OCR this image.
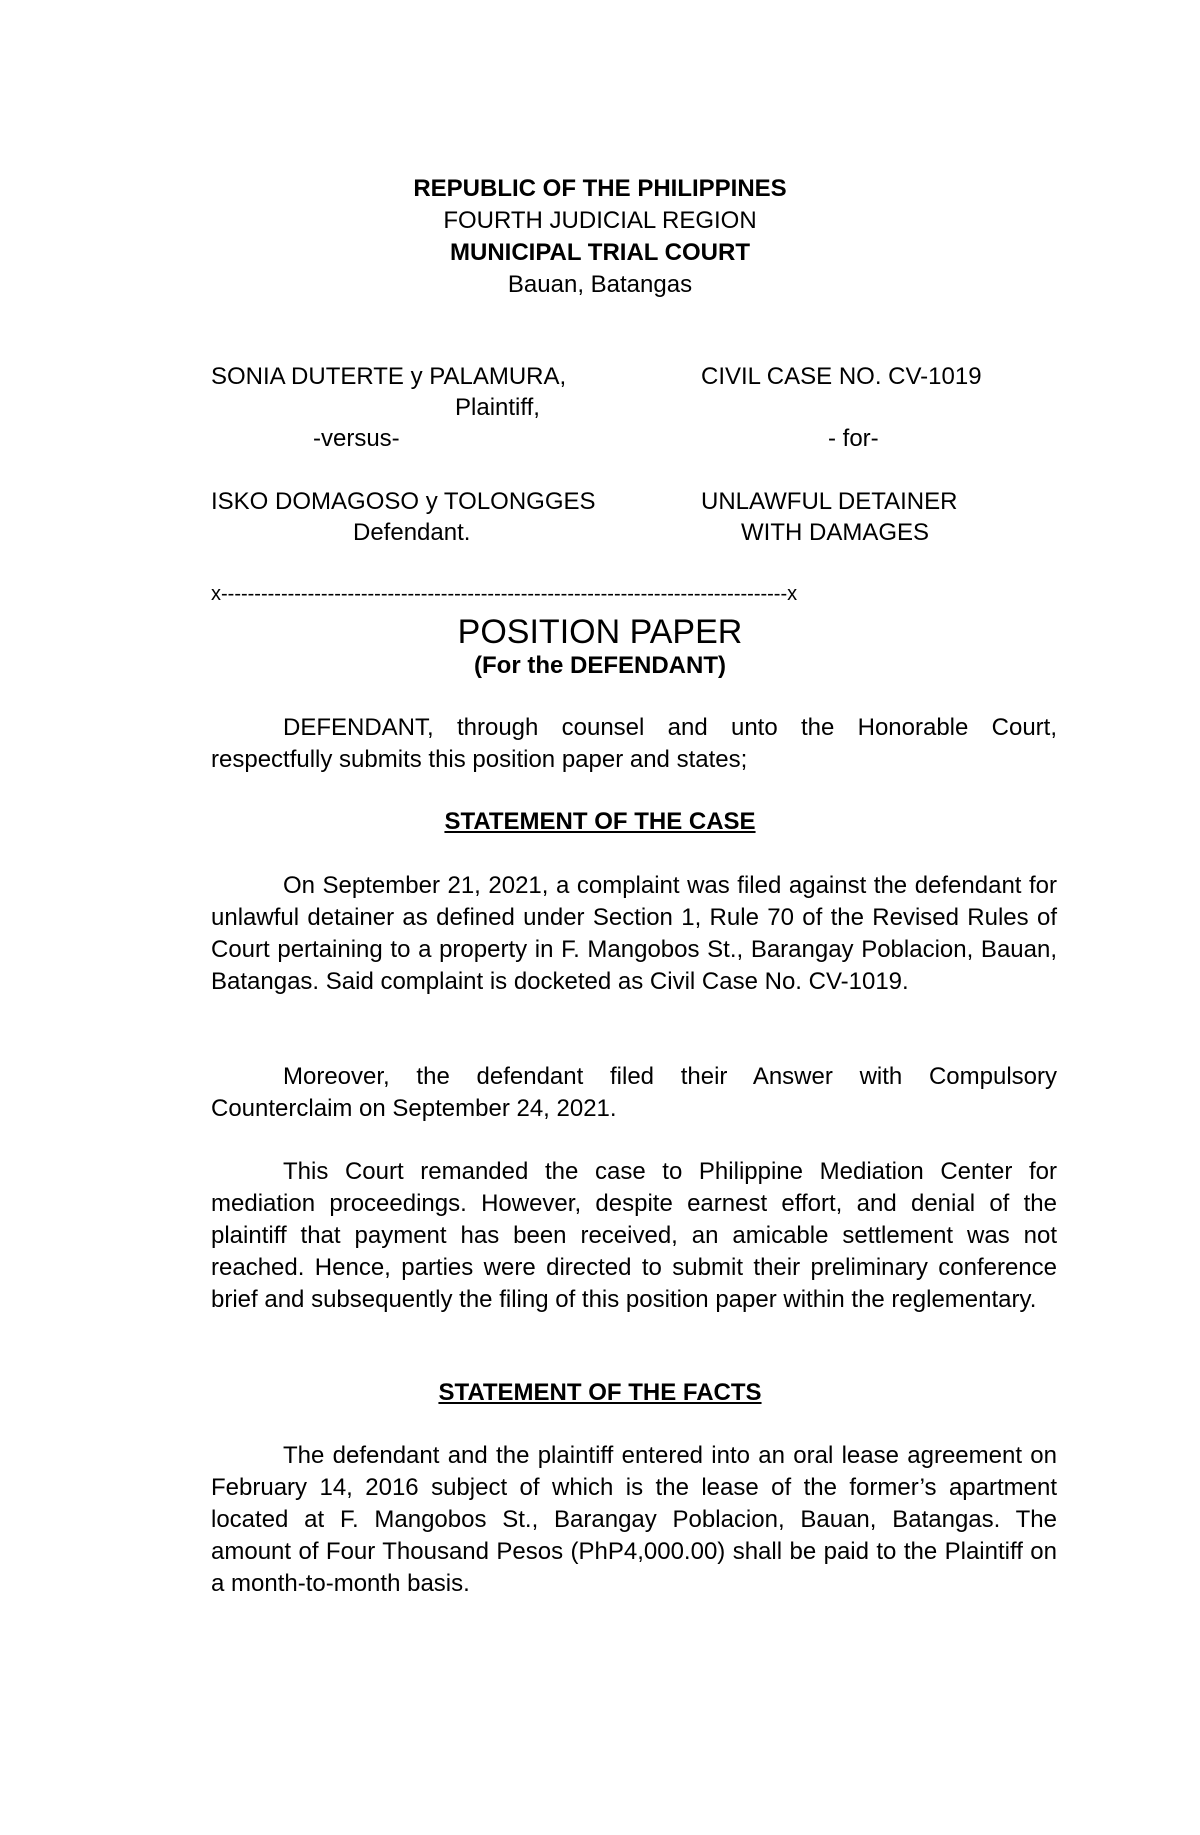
REPUBLIC OF THE PHILIPPINES
FOURTH JUDICIAL REGION
MUNICIPAL TRIAL COURT
Bauan, Batangas
SONIA DUTERTE y PALAMURA,
Plaintiff,
-versus-
ISKO DOMAGOSO y TOLONGGES
Defendant.
CIVIL CASE NO. CV-1019
- for-
UNLAWFUL DETAINER
WITH DAMAGES
x-------------------------------------------------------------------------------------x
POSITION PAPER
(For the DEFENDANT)

DEFENDANT, through counsel and unto the Honorable Court, respectfully submits this position paper and states;

STATEMENT OF THE CASE

On September 21, 2021, a complaint was filed against the defendant for unlawful detainer as defined under Section 1, Rule 70 of the Revised Rules of Court pertaining to a property in F. Mangobos St., Barangay Poblacion, Bauan, Batangas. Said complaint is docketed as Civil Case No. CV-1019.

Moreover, the defendant filed their Answer with Compulsory Counterclaim on September 24, 2021.

This Court remanded the case to Philippine Mediation Center for mediation proceedings. However, despite earnest effort, and denial of the plaintiff that payment has been received, an amicable settlement was not reached. Hence, parties were directed to submit their preliminary conference brief and subsequently the filing of this position paper within the reglementary.

STATEMENT OF THE FACTS

The defendant and the plaintiff entered into an oral lease agreement on February 14, 2016 subject of which is the lease of the former’s apartment located at F. Mangobos St., Barangay Poblacion, Bauan, Batangas. The amount of Four Thousand Pesos (PhP4,000.00) shall be paid to the Plaintiff on a month-to-month basis.
